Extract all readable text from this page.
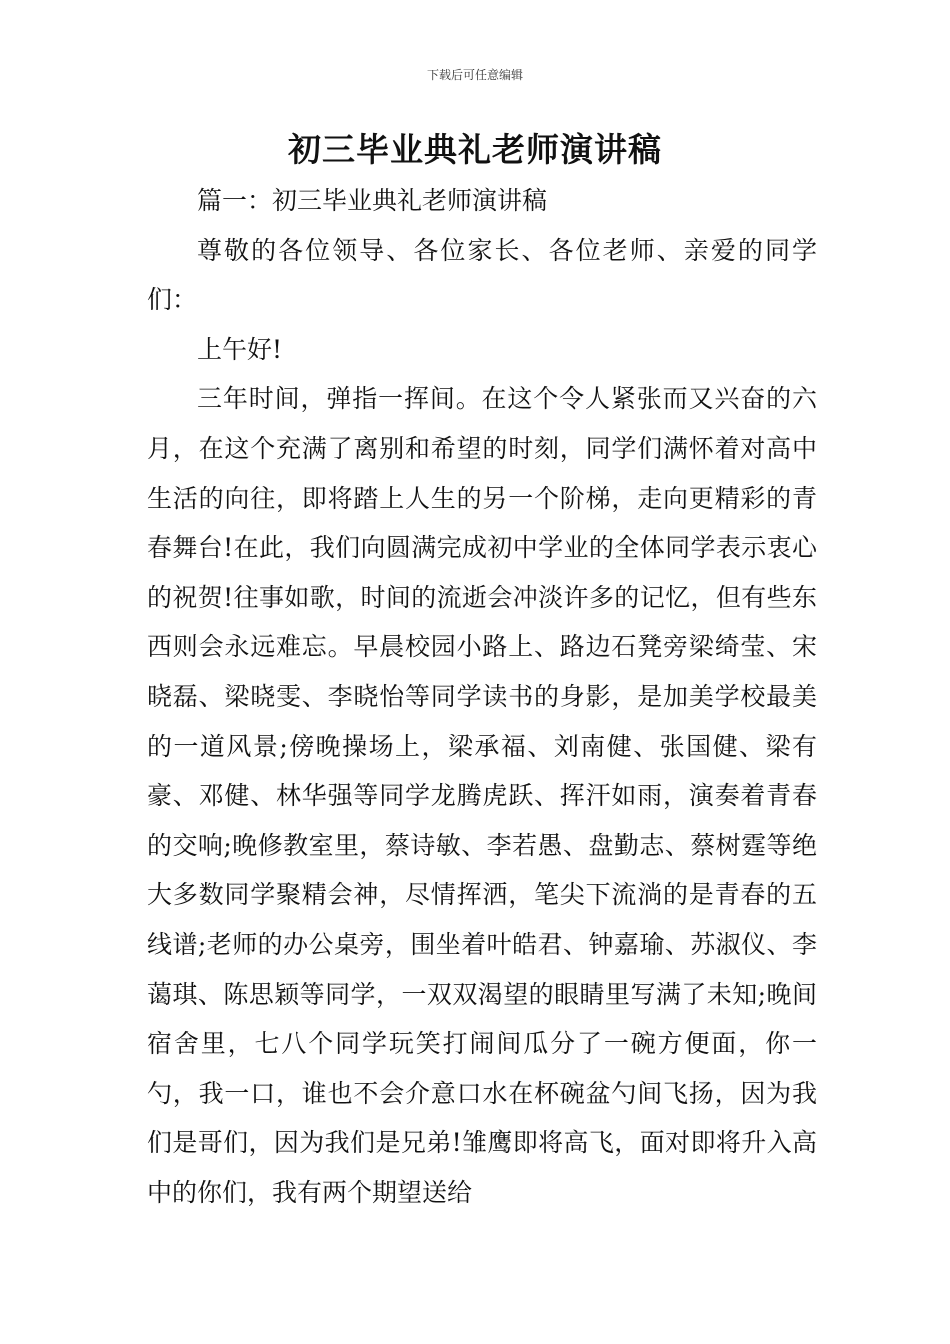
下载后可任意编辑
初三毕业典礼老师演讲稿

篇一：初三毕业典礼老师演讲稿

尊敬的各位领导、各位家长、各位老师、亲爱的同学们：

上午好!

三年时间，弹指一挥间。在这个令人紧张而又兴奋的六月，在这个充满了离别和希望的时刻，同学们满怀着对高中生活的向往，即将踏上人生的另一个阶梯，走向更精彩的青春舞台!在此，我们向圆满完成初中学业的全体同学表示衷心的祝贺!往事如歌，时间的流逝会冲淡许多的记忆，但有些东西则会永远难忘。早晨校园小路上、路边石凳旁梁绮莹、宋晓磊、梁晓雯、李晓怡等同学读书的身影，是加美学校最美的一道风景;傍晚操场上，梁承福、刘南健、张国健、梁有豪、邓健、林华强等同学龙腾虎跃、挥汗如雨，演奏着青春的交响;晚修教室里，蔡诗敏、李若愚、盘勤志、蔡树霆等绝大多数同学聚精会神，尽情挥洒，笔尖下流淌的是青春的五线谱;老师的办公桌旁，围坐着叶皓君、钟嘉瑜、苏淑仪、李蔼琪、陈思颖等同学，一双双渴望的眼睛里写满了未知;晚间宿舍里，七八个同学玩笑打闹间瓜分了一碗方便面，你一勺，我一口，谁也不会介意口水在杯碗盆勺间飞扬，因为我们是哥们，因为我们是兄弟!雏鹰即将高飞，面对即将升入高中的你们，我有两个期望送给
